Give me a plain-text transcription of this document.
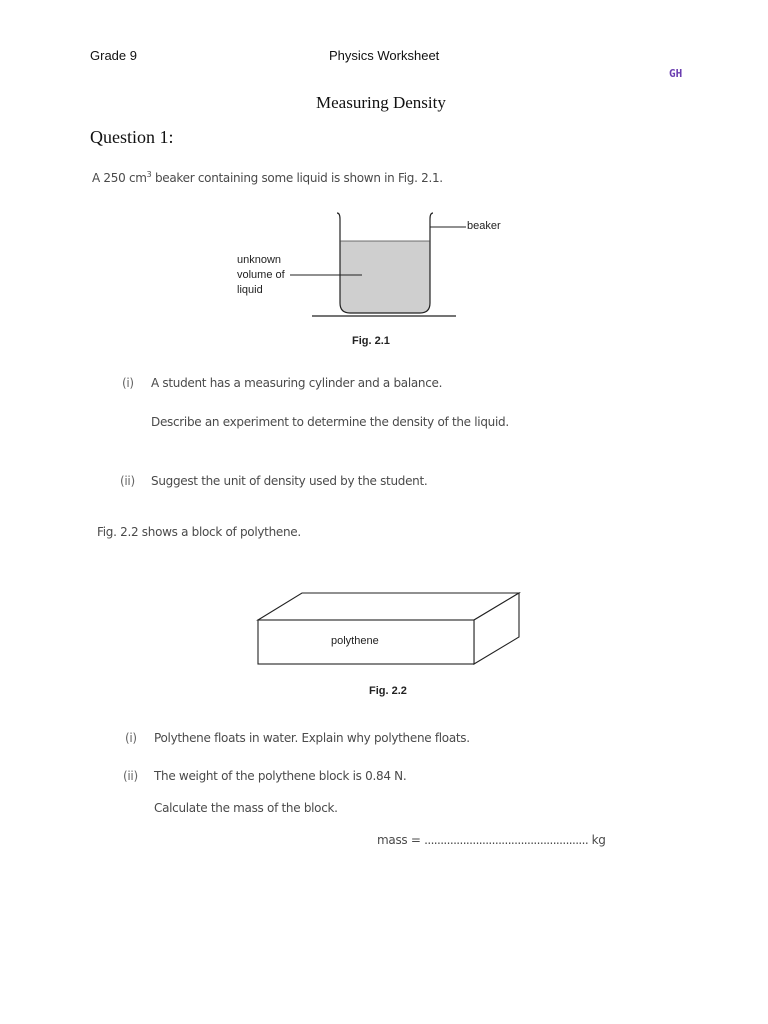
Grade 9	Physics Worksheet
GH
Measuring Density
Question 1:
A 250 $cm^3$ beaker containing some liquid is shown in Fig. 2.1.
beaker
unknown
volume of
liquid
Fig. 2.1
(i) A student has a measuring cylinder and a balance.
Describe an experiment to determine the density of the liquid.
(ii) Suggest the unit of density used by the student.
Fig. 2.2 shows a block of polythene.
polythene
Fig. 2.2
(i) Polythene floats in water. Explain why polythene floats.
(ii) The weight of the polythene block is 0.84 N.
Calculate the mass of the block.
mass = ................................................... kg
